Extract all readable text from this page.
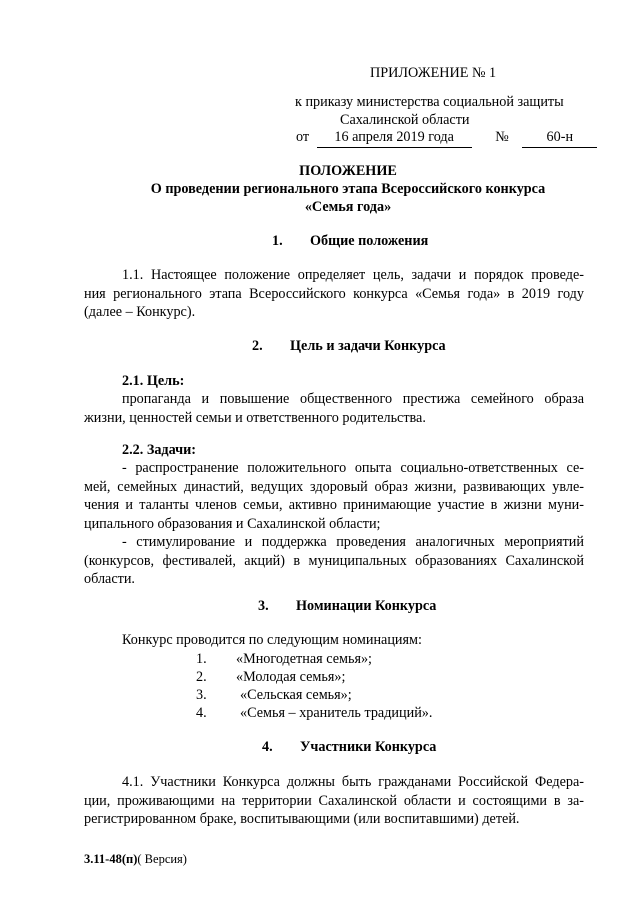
ПРИЛОЖЕНИЕ № 1
к приказу министерства социальной защиты
Сахалинской области
от 16 апреля 2019 года	№	60-н
ПОЛОЖЕНИЕ
О проведении регионального этапа Всероссийского конкурса
«Семья года»
1. Общие положения
1.1. Настоящее положение определяет цель, задачи и порядок проведе-
ния регионального этапа Всероссийского конкурса «Семья года» в 2019 году
(далее – Конкурс).
2. Цель и задачи Конкурса
2.1. Цель:
пропаганда и повышение общественного престижа семейного образа
жизни, ценностей семьи и ответственного родительства.
2.2. Задачи:
- распространение положительного опыта социально-ответственных се-
мей, семейных династий, ведущих здоровый образ жизни, развивающих увле-
чения и таланты членов семьи, активно принимающие участие в жизни муни-
ципального образования и Сахалинской области;
- стимулирование и поддержка проведения аналогичных мероприятий
(конкурсов, фестивалей, акций) в муниципальных образованиях Сахалинской
области.
3. Номинации Конкурса
Конкурс проводится по следующим номинациям:
1. «Многодетная семья»;
2. «Молодая семья»;
3. «Сельская семья»;
4. «Семья – хранитель традиций».
4. Участники Конкурса
4.1. Участники Конкурса должны быть гражданами Российской Федера-
ции, проживающими на территории Сахалинской области и состоящими в за-
регистрированном браке, воспитывающими (или воспитавшими) детей.
3.11-48(п)( Версия)
